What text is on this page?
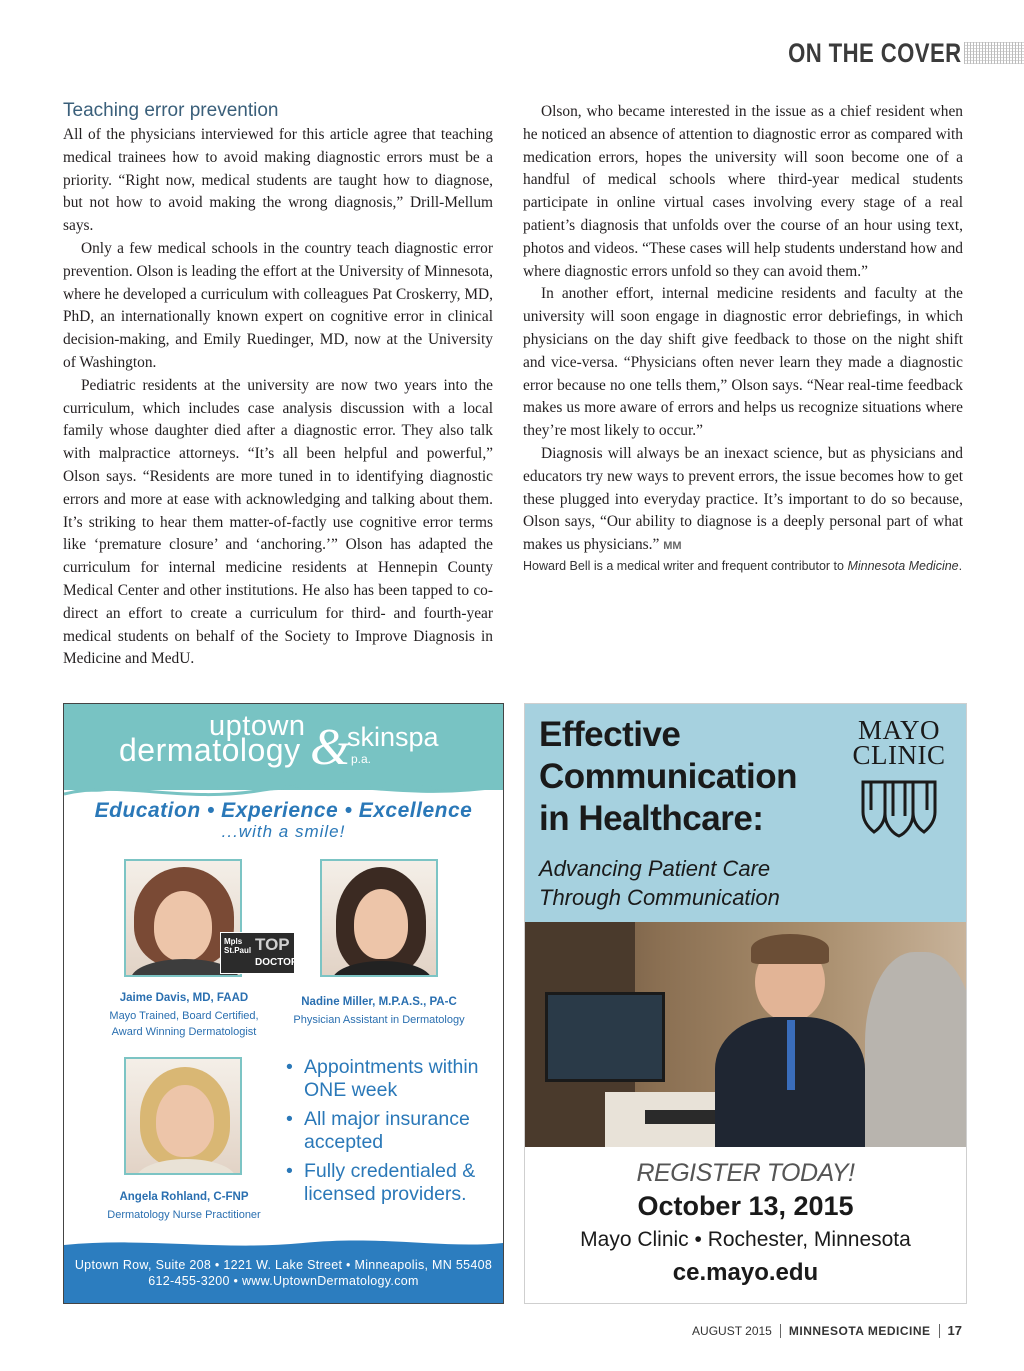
ON THE COVER
Teaching error prevention

All of the physicians interviewed for this article agree that teaching medical trainees how to avoid making diagnostic errors must be a priority. “Right now, medical students are taught how to diagnose, but not how to avoid making the wrong diagnosis,” Drill-Mellum says.

Only a few medical schools in the country teach diagnostic error prevention. Olson is leading the effort at the University of Minnesota, where he developed a curriculum with colleagues Pat Croskerry, MD, PhD, an internationally known expert on cognitive error in clinical decision-making, and Emily Ruedinger, MD, now at the University of Washington.

Pediatric residents at the university are now two years into the curriculum, which includes case analysis discussion with a local family whose daughter died after a diagnostic error. They also talk with malpractice attorneys. “It’s all been helpful and powerful,” Olson says. “Residents are more tuned in to identifying diagnostic errors and more at ease with acknowledging and talking about them. It’s striking to hear them matter-of-factly use cognitive error terms like ‘premature closure’ and ‘anchoring.’” Olson has adapted the curriculum for internal medicine residents at Hennepin County Medical Center and other institutions. He also has been tapped to co-direct an effort to create a curriculum for third- and fourth-year medical students on behalf of the Society to Improve Diagnosis in Medicine and MedU.

Olson, who became interested in the issue as a chief resident when he noticed an absence of attention to diagnostic error as compared with medication errors, hopes the university will soon become one of a handful of medical schools where third-year medical students participate in online virtual cases involving every stage of a real patient’s diagnosis that unfolds over the course of an hour using text, photos and videos. “These cases will help students understand how and where diagnostic errors unfold so they can avoid them.”

In another effort, internal medicine residents and faculty at the university will soon engage in diagnostic error debriefings, in which physicians on the day shift give feedback to those on the night shift and vice-versa. “Physicians often never learn they made a diagnostic error because no one tells them,” Olson says. “Near real-time feedback makes us more aware of errors and helps us recognize situations where they’re most likely to occur.”

Diagnosis will always be an inexact science, but as physicians and educators try new ways to prevent errors, the issue becomes how to get these plugged into everyday practice. It’s important to do so because, Olson says, “Our ability to diagnose is a deeply personal part of what makes us physicians.” MM

Howard Bell is a medical writer and frequent contributor to Minnesota Medicine.

uptown
dermatology &
skinspa
p.a.
Education • Experience • Excellence
...with a smile!
Mpls St.Paul TOP
DOCTOR
Jaime Davis, MD, FAAD
Mayo Trained, Board Certified,
Award Winning Dermatologist
Nadine Miller, M.P.A.S., PA-C
Physician Assistant in Dermatology
Angela Rohland, C-FNP
Dermatology Nurse Practitioner
• Appointments within ONE week
• All major insurance accepted
• Fully credentialed & licensed providers.
Uptown Row, Suite 208 • 1221 W. Lake Street • Minneapolis, MN 55408
612-455-3200 • www.UptownDermatology.com
Effective
Communication
in Healthcare:
Advancing Patient Care
Through Communication
MAYO
CLINIC
REGISTER TODAY!
October 13, 2015
Mayo Clinic • Rochester, Minnesota
ce.mayo.edu
AUGUST 2015 MINNESOTA MEDICINE 17
